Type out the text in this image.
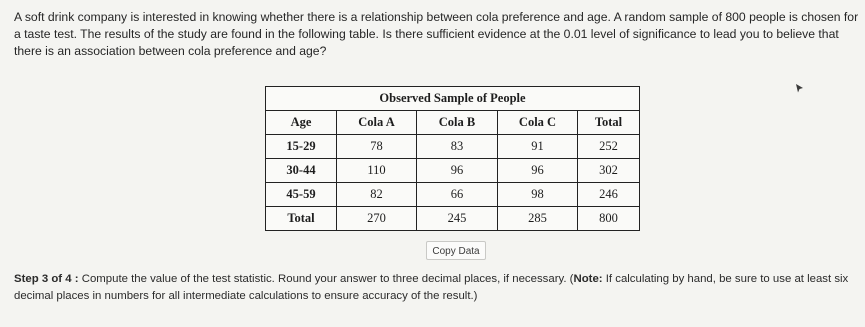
A soft drink company is interested in knowing whether there is a relationship between cola preference and age. A random sample of 800 people is chosen for a taste test. The results of the study are found in the following table. Is there sufficient evidence at the 0.01 level of significance to lead you to believe that there is an association between cola preference and age?
Observed Sample of People				
Age	Cola A	Cola B	Cola C	Total
15-29	78	83	91	252
30-44	110	96	96	302
45-59	82	66	98	246
Total	270	245	285	800
Copy Data
Step 3 of 4 : Compute the value of the test statistic. Round your answer to three decimal places, if necessary. (Note: If calculating by hand, be sure to use at least six decimal places in numbers for all intermediate calculations to ensure accuracy of the result.)
